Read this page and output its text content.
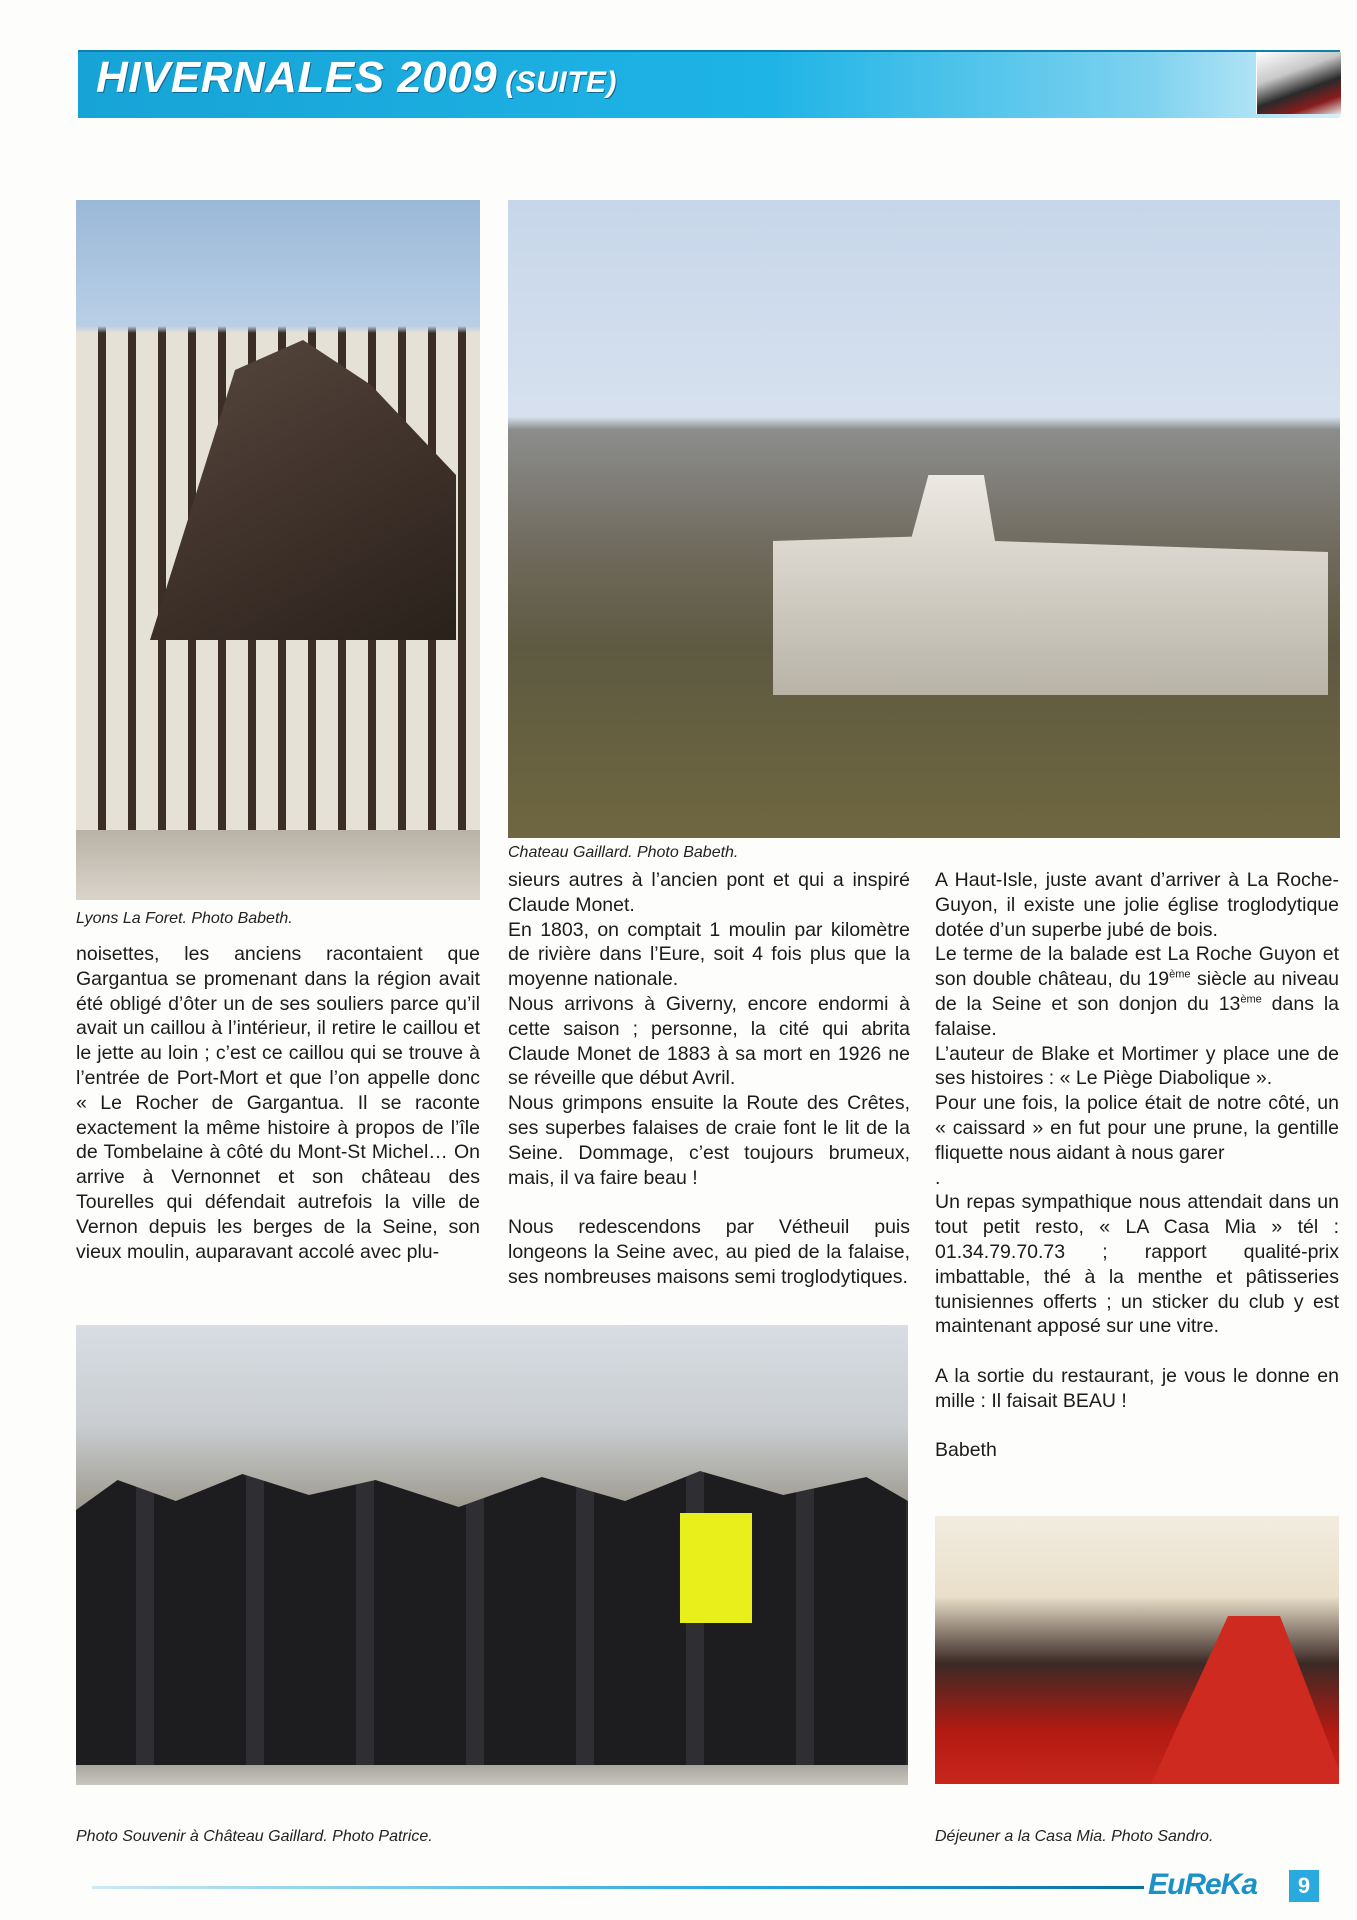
HIVERNALES 2009 (SUITE)
Lyons La Foret. Photo Babeth.
Chateau Gaillard. Photo Babeth.
Photo Souvenir à Château Gaillard. Photo Patrice.	Déjeuner a la Casa Mia. Photo Sandro.

noisettes, les anciens racontaient que Gargantua se promenant dans la région avait été obligé d’ôter un de ses souliers parce qu’il avait un caillou à l’intérieur, il retire le caillou et le jette au loin ; c’est ce caillou qui se trouve à l’entrée de Port-Mort et que l’on appelle donc « Le Rocher de Gargantua. Il se raconte exactement la même histoire à propos de l’île de Tombelaine à côté du Mont-St Michel… On arrive à Vernonnet et son château des Tourelles qui défendait autrefois la ville de Vernon depuis les berges de la Seine, son vieux moulin, auparavant accolé avec plu-

sieurs autres à l’ancien pont et qui a inspiré Claude Monet.

En 1803, on comptait 1 moulin par kilomètre de rivière dans l’Eure, soit 4 fois plus que la moyenne nationale.

Nous arrivons à Giverny, encore endormi à cette saison ; personne, la cité qui abrita Claude Monet de 1883 à sa mort en 1926 ne se réveille que début Avril.

Nous grimpons ensuite la Route des Crêtes, ses superbes falaises de craie font le lit de la Seine. Dommage, c’est toujours brumeux, mais, il va faire beau !

Nous redescendons par Vétheuil puis longeons la Seine avec, au pied de la falaise, ses nombreuses maisons semi troglodytiques.

A Haut-Isle, juste avant d’arriver à La Roche-Guyon, il existe une jolie église troglodytique dotée d’un superbe jubé de bois.

Le terme de la balade est La Roche Guyon et son double château, du 19ème siècle au niveau de la Seine et son donjon du 13ème dans la falaise.

L’auteur de Blake et Mortimer y place une de ses histoires : « Le Piège Diabolique ».

Pour une fois, la police était de notre côté, un « caissard » en fut pour une prune, la gentille fliquette nous aidant à nous garer

.

Un repas sympathique nous attendait dans un tout petit resto, « LA Casa Mia » tél : 01.34.79.70.73 ; rapport qualité-prix imbattable, thé à la menthe et pâtisseries tunisiennes offerts ; un sticker du club y est maintenant apposé sur une vitre.

A la sortie du restaurant, je vous le donne en mille : Il faisait BEAU !

Babeth

EuReKa	9
